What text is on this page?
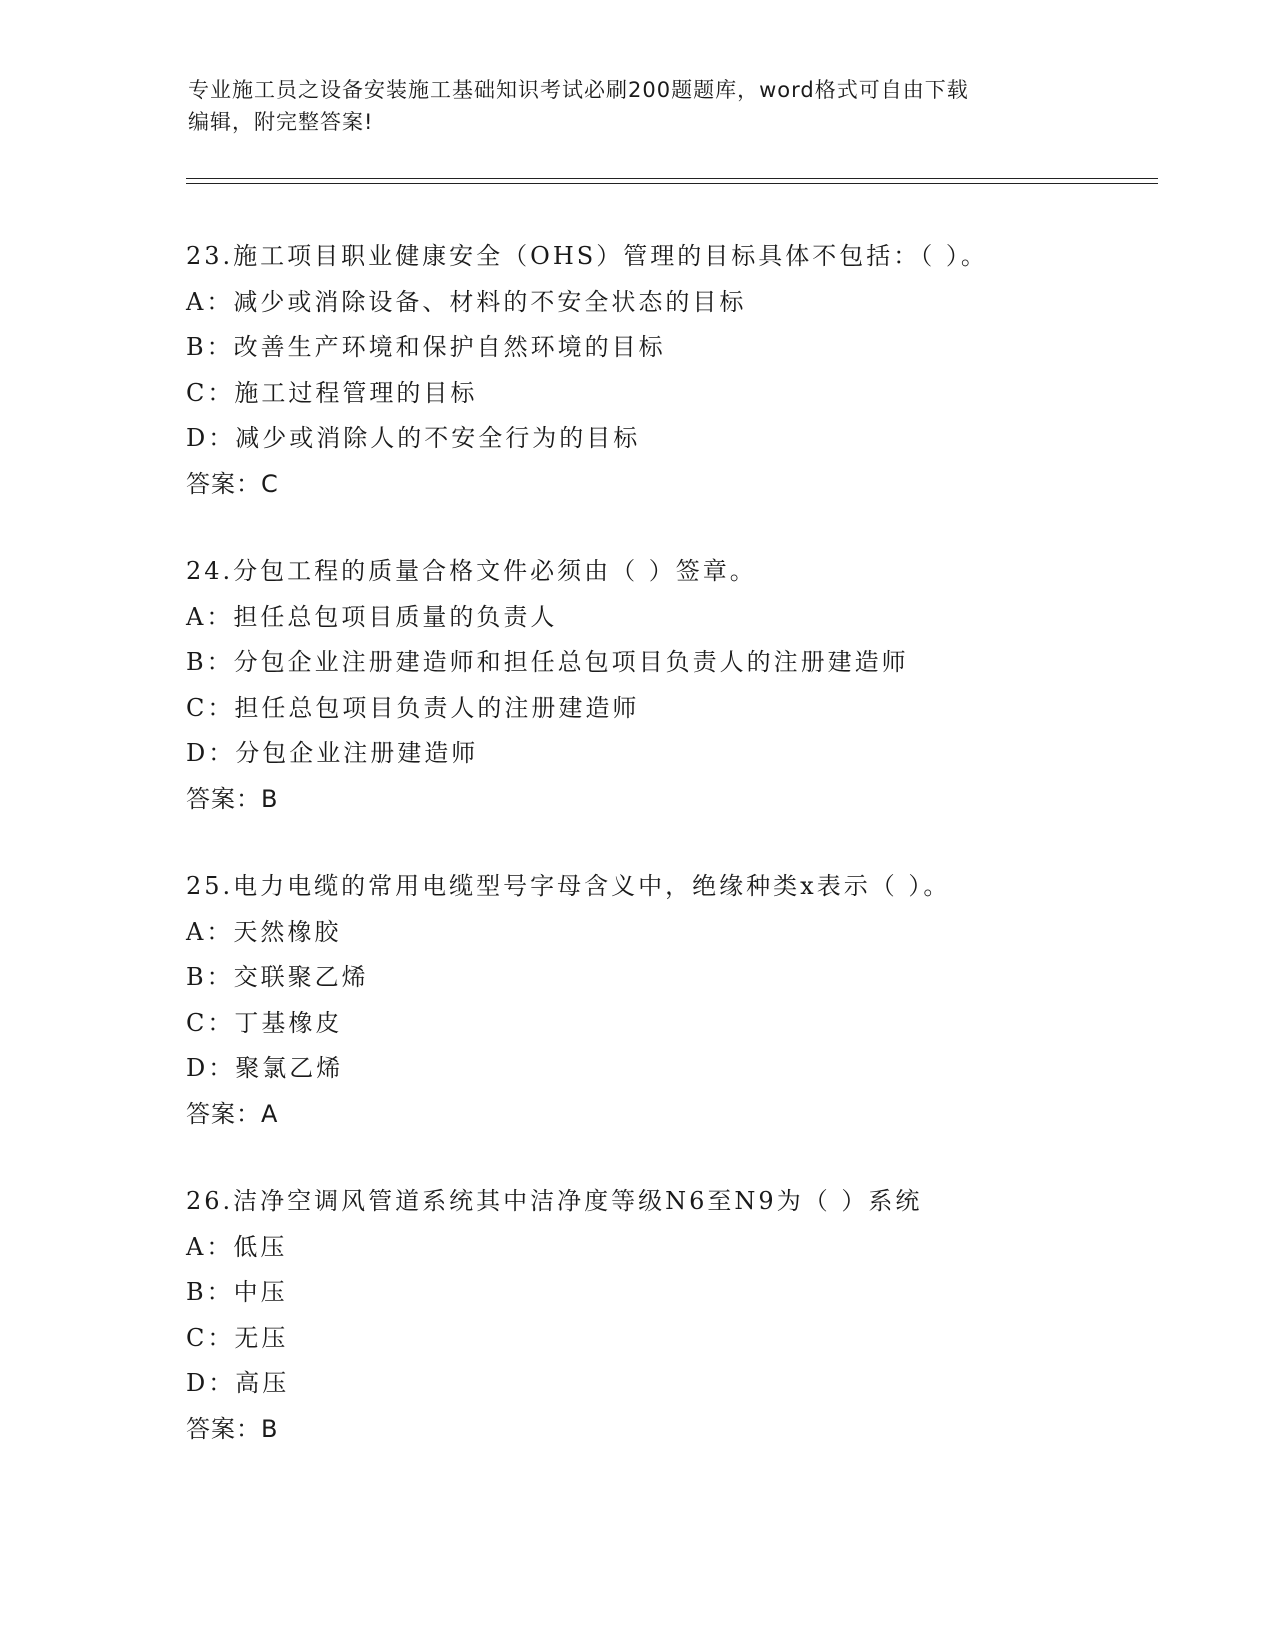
专业施工员之设备安装施工基础知识考试必刷200题题库，word格式可自由下载
编辑，附完整答案!
23.施工项目职业健康安全（OHS）管理的目标具体不包括：（ ）。
A：减少或消除设备、材料的不安全状态的目标
B：改善生产环境和保护自然环境的目标
C：施工过程管理的目标
D：减少或消除人的不安全行为的目标
答案：C
24.分包工程的质量合格文件必须由（ ）签章。
A：担任总包项目质量的负责人
B：分包企业注册建造师和担任总包项目负责人的注册建造师
C：担任总包项目负责人的注册建造师
D：分包企业注册建造师
答案：B
25.电力电缆的常用电缆型号字母含义中，绝缘种类x表示（ ）。
A：天然橡胶
B：交联聚乙烯
C：丁基橡皮
D：聚氯乙烯
答案：A
26.洁净空调风管道系统其中洁净度等级N6至N9为（ ）系统
A：低压
B：中压
C：无压
D：高压
答案：B
